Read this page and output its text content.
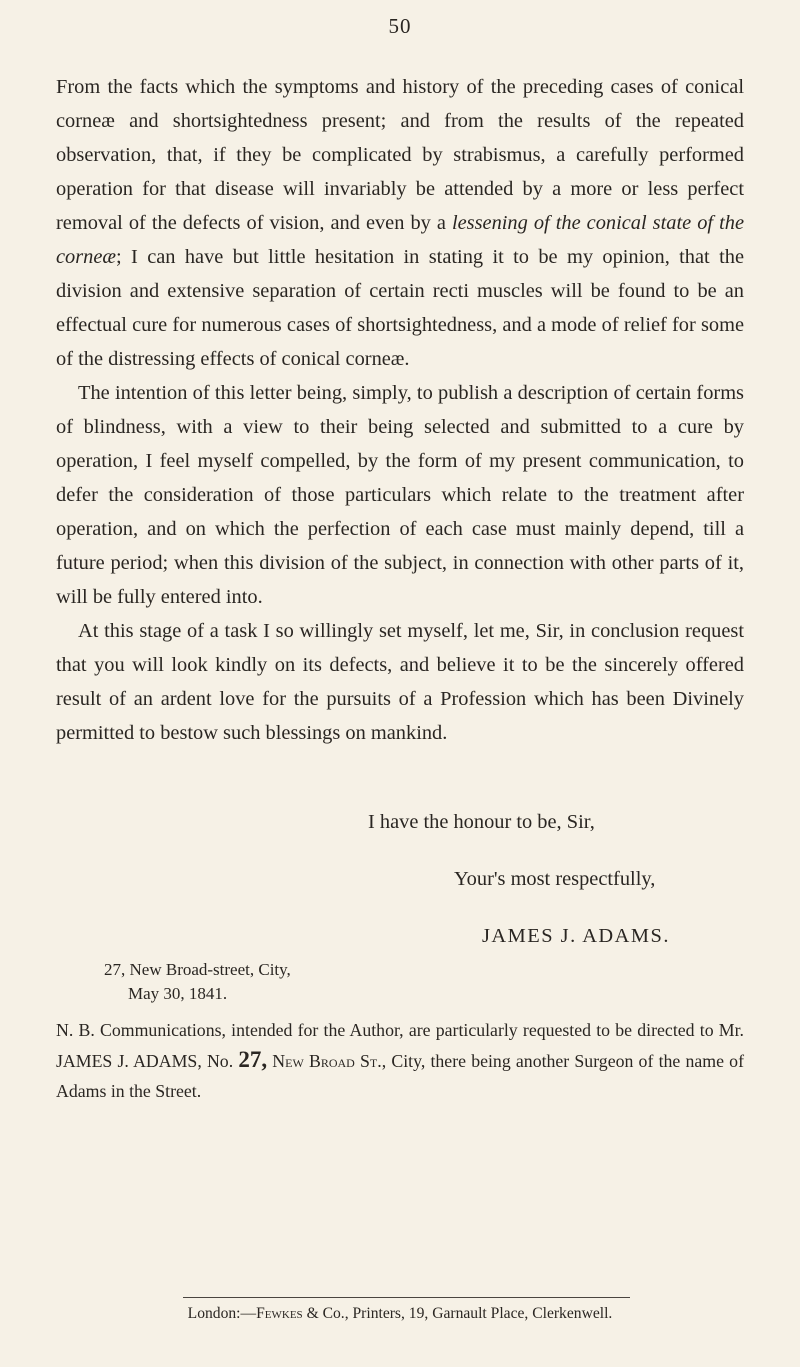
50

From the facts which the symptoms and history of the preceding cases of conical corneæ and shortsightedness present; and from the results of the repeated observation, that, if they be complicated by strabismus, a carefully performed operation for that disease will invariably be attended by a more or less perfect removal of the defects of vision, and even by a lessening of the conical state of the corneæ; I can have but little hesitation in stating it to be my opinion, that the division and extensive separation of certain recti muscles will be found to be an effectual cure for numerous cases of shortsightedness, and a mode of relief for some of the distressing effects of conical corneæ.

The intention of this letter being, simply, to publish a description of certain forms of blindness, with a view to their being selected and submitted to a cure by operation, I feel myself compelled, by the form of my present communication, to defer the consideration of those particulars which relate to the treatment after operation, and on which the perfection of each case must mainly depend, till a future period; when this division of the subject, in connection with other parts of it, will be fully entered into.

At this stage of a task I so willingly set myself, let me, Sir, in conclusion request that you will look kindly on its defects, and believe it to be the sincerely offered result of an ardent love for the pursuits of a Profession which has been Divinely permitted to bestow such blessings on mankind.

I have the honour to be, Sir,
Your's most respectfully,
JAMES J. ADAMS.
27, New Broad-street, City,
May 30, 1841.
N. B. Communications, intended for the Author, are particularly requested to be directed to Mr. JAMES J. ADAMS, No. 27, New Broad St., City, there being another Surgeon of the name of Adams in the Street.
London:—Fewkes & Co., Printers, 19, Garnault Place, Clerkenwell.
